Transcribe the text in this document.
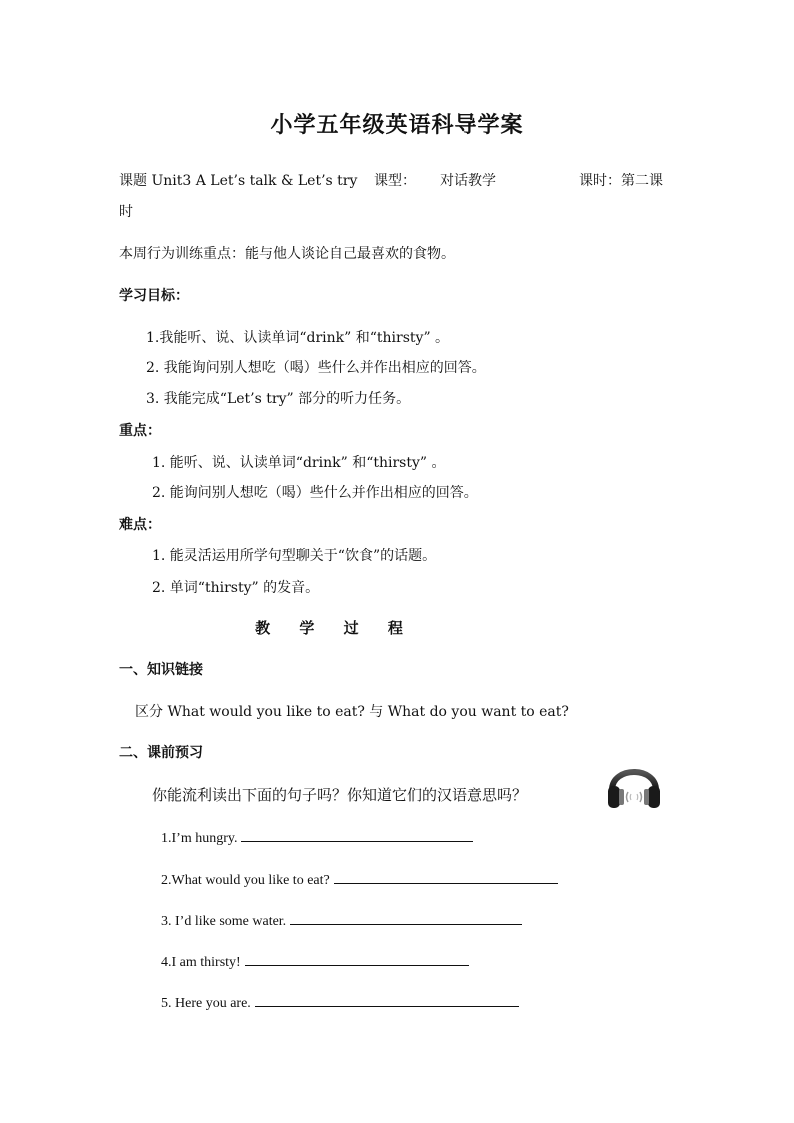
小学五年级英语科导学案
课题 Unit3 A Let’s talk & Let’s try 课型： 对话教学	课时：第二课
时
本周行为训练重点：能与他人谈论自己最喜欢的食物。
学习目标：
1.我能听、说、认读单词“drink” 和“thirsty” 。
2. 我能询问别人想吃（喝）些什么并作出相应的回答。
3. 我能完成“Let’s try” 部分的听力任务。
重点：
1. 能听、说、认读单词“drink” 和“thirsty” 。
2. 能询问别人想吃（喝）些什么并作出相应的回答。
难点：
1. 能灵活运用所学句型聊关于“饮食”的话题。
2. 单词“thirsty” 的发音。
教 学 过 程
一、知识链接
区分 What would you like to eat? 与 What do you want to eat?
二、课前预习
你能流利读出下面的句子吗？你知道它们的汉语意思吗？
1.I’m hungry.
2.What would you like to eat?
3. I’d like some water.
4.I am thirsty!
5. Here you are.
